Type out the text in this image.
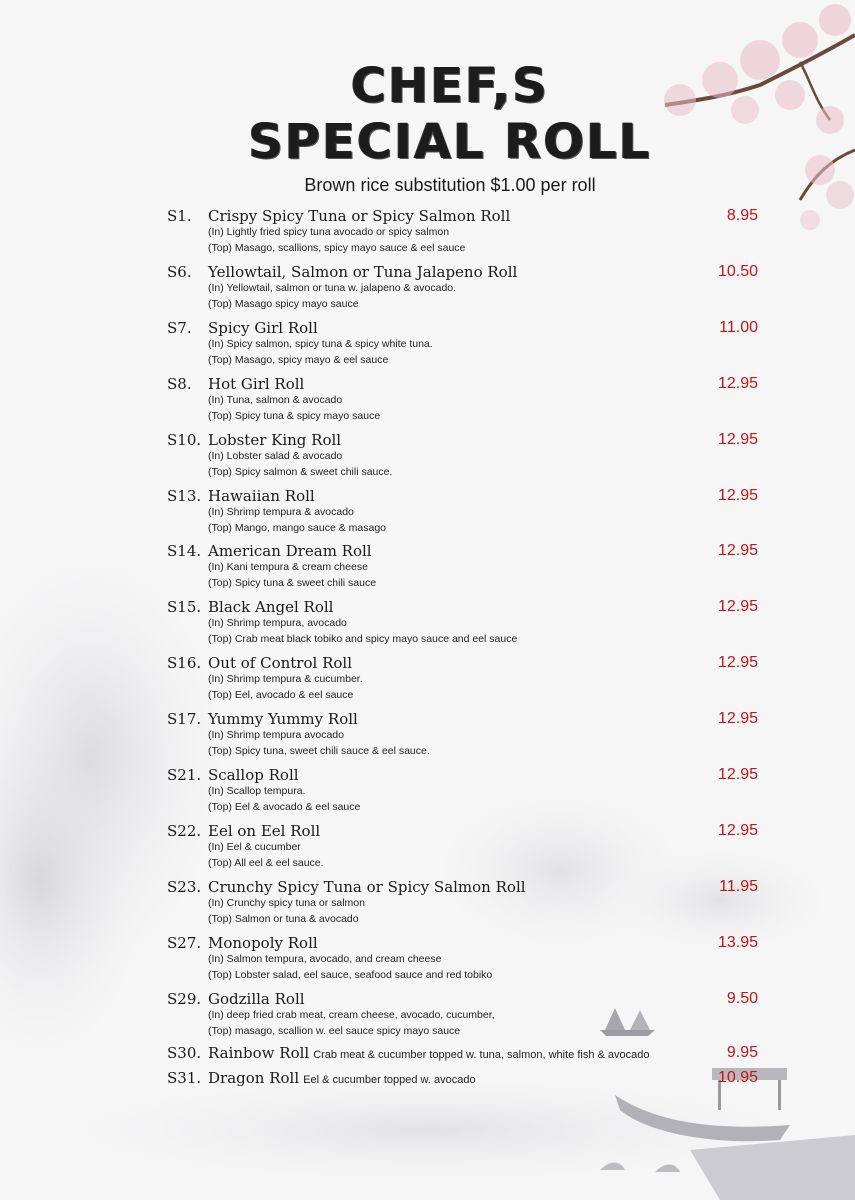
CHEF,S
SPECIAL ROLL
Brown rice substitution $1.00 per roll
S1. Crispy Spicy Tuna or Spicy Salmon Roll
(In) Lightly fried spicy tuna avocado or spicy salmon
(Top) Masago, scallions, spicy mayo sauce & eel sauce
8.95
S6. Yellowtail, Salmon or Tuna Jalapeno Roll
(In) Yellowtail, salmon or tuna w. jalapeno & avocado.
(Top) Masago spicy mayo sauce
10.50
S7. Spicy Girl Roll
(In) Spicy salmon, spicy tuna & spicy white tuna.
(Top) Masago, spicy mayo & eel sauce
11.00
S8. Hot Girl Roll
(In) Tuna, salmon & avocado
(Top) Spicy tuna & spicy mayo sauce
12.95
S10. Lobster King Roll
(In) Lobster salad & avocado
(Top) Spicy salmon & sweet chili sauce.
12.95
S13. Hawaiian Roll
(In) Shrimp tempura & avocado
(Top) Mango, mango sauce & masago
12.95
S14. American Dream Roll
(In) Kani tempura & cream cheese
(Top) Spicy tuna & sweet chili sauce
12.95
S15. Black Angel Roll
(In) Shrimp tempura, avocado
(Top) Crab meat black tobiko and spicy mayo sauce and eel sauce
12.95
S16. Out of Control Roll
(In) Shrimp tempura & cucumber.
(Top) Eel, avocado & eel sauce
12.95
S17. Yummy Yummy Roll
(In) Shrimp tempura avocado
(Top) Spicy tuna, sweet chili sauce & eel sauce.
12.95
S21. Scallop Roll
(In) Scallop tempura.
(Top) Eel & avocado & eel sauce
12.95
S22. Eel on Eel Roll
(In) Eel & cucumber
(Top) All eel & eel sauce.
12.95
S23. Crunchy Spicy Tuna or Spicy Salmon Roll
(In) Crunchy spicy tuna or salmon
(Top) Salmon or tuna & avocado
11.95
S27. Monopoly Roll
(In) Salmon tempura, avocado, and cream cheese
(Top) Lobster salad, eel sauce, seafood sauce and red tobiko
13.95
S29. Godzilla Roll
(In) deep fried crab meat, cream cheese, avocado, cucumber,
(Top) masago, scallion w. eel sauce spicy mayo sauce
9.50
S30. Rainbow Roll Crab meat & cucumber topped w. tuna, salmon, white fish & avocado	9.95
S31. Dragon Roll Eel & cucumber topped w. avocado	10.95
